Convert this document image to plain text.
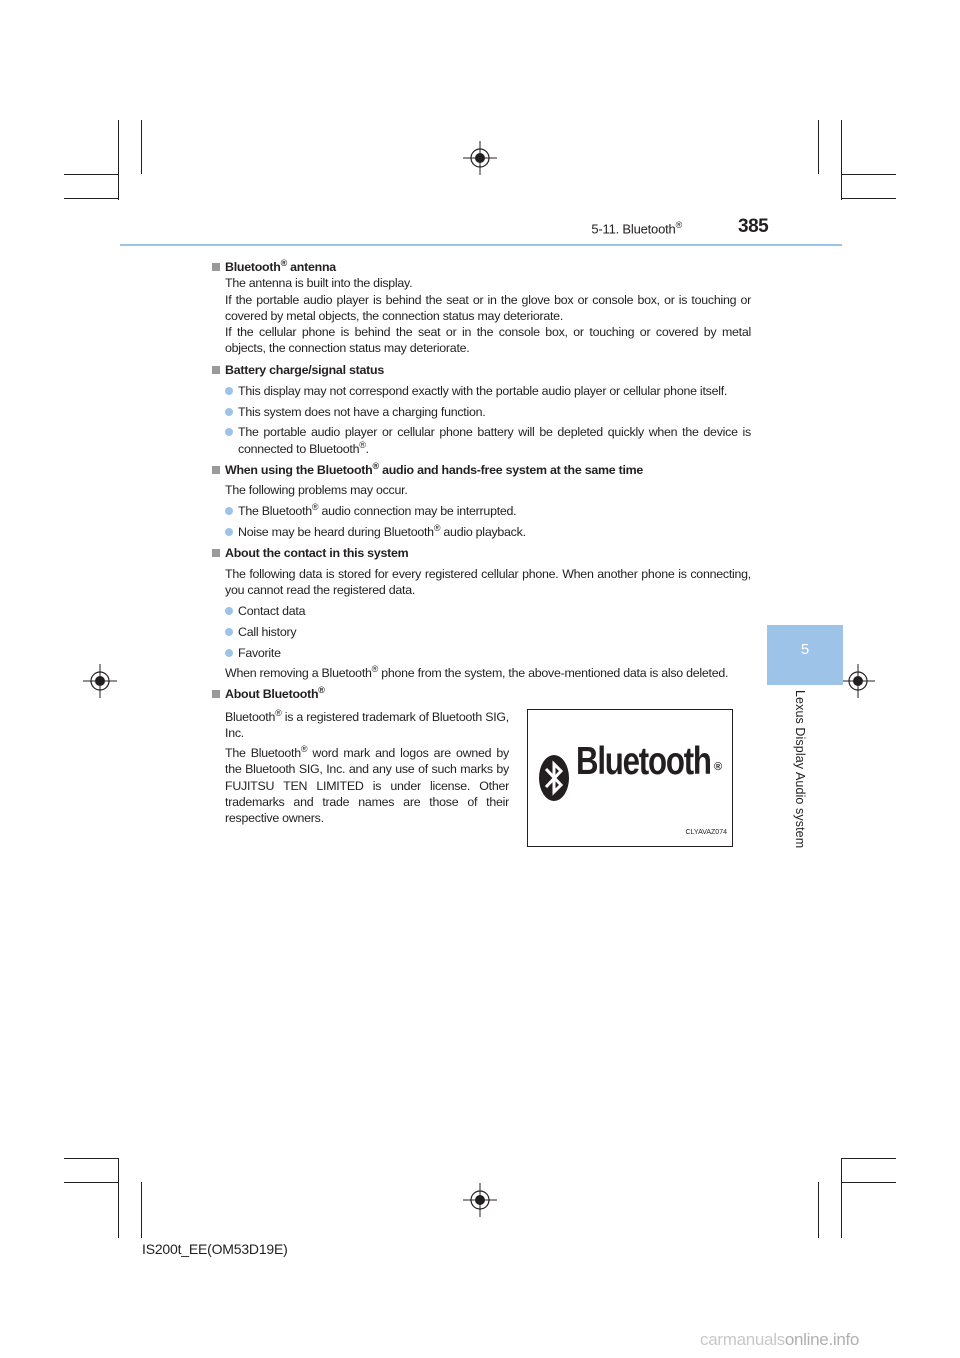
5-11. Bluetooth®	385
5
Lexus Display Audio system
Bluetooth® antenna
The antenna is built into the display.
If the portable audio player is behind the seat or in the glove box or console box, or is touching or covered by metal objects, the connection status may deteriorate.
If the cellular phone is behind the seat or in the console box, or touching or covered by metal objects, the connection status may deteriorate.
Battery charge/signal status
This display may not correspond exactly with the portable audio player or cellular phone itself.
This system does not have a charging function.
The portable audio player or cellular phone battery will be depleted quickly when the device is connected to Bluetooth®.
When using the Bluetooth® audio and hands-free system at the same time
The following problems may occur.
The Bluetooth® audio connection may be interrupted.
Noise may be heard during Bluetooth® audio playback.
About the contact in this system
The following data is stored for every registered cellular phone. When another phone is connecting, you cannot read the registered data.
Contact data
Call history
Favorite
When removing a Bluetooth® phone from the system, the above-mentioned data is also deleted.
About Bluetooth®

Bluetooth® is a registered trademark of Bluetooth SIG, Inc.

The Bluetooth® word mark and logos are owned by the Bluetooth SIG, Inc. and any use of such marks by FUJITSU TEN LIMITED is under license. Other trademarks and trade names are those of their respective owners.

Bluetooth ®
CLYAVAZ074
IS200t_EE(OM53D19E)
carmanualsonline.info
